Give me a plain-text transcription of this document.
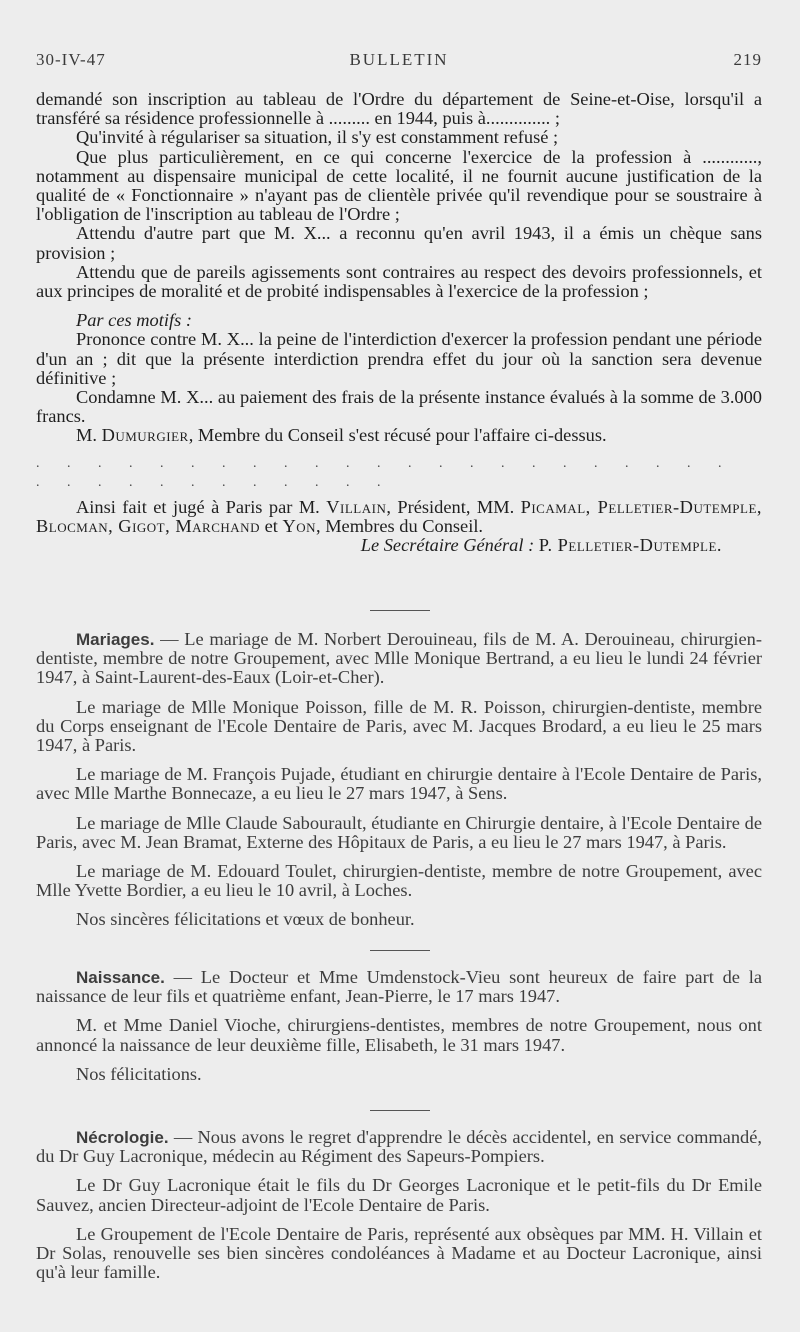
30-IV-47	BULLETIN	219

demandé son inscription au tableau de l'Ordre du département de Seine-et-Oise, lorsqu'il a transféré sa résidence professionnelle à ......... en 1944, puis à.............. ;

Qu'invité à régulariser sa situation, il s'y est constamment refusé ;

Que plus particulièrement, en ce qui concerne l'exercice de la profession à ............, notamment au dispensaire municipal de cette localité, il ne fournit aucune justification de la qualité de « Fonctionnaire » n'ayant pas de clientèle privée qu'il revendique pour se soustraire à l'obligation de l'inscription au tableau de l'Ordre ;

Attendu d'autre part que M. X... a reconnu qu'en avril 1943, il a émis un chèque sans provision ;

Attendu que de pareils agissements sont contraires au respect des devoirs professionnels, et aux principes de moralité et de probité indispensables à l'exercice de la profession ;

Par ces motifs :

Prononce contre M. X... la peine de l'interdiction d'exercer la profession pendant une période d'un an ; dit que la présente interdiction prendra effet du jour où la sanction sera devenue définitive ;

Condamne M. X... au paiement des frais de la présente instance évalués à la somme de 3.000 francs.

M. Dumurgier, Membre du Conseil s'est récusé pour l'affaire ci-dessus.

. . . . . . . . . . . . . . . . . . . . . . . . . . . . . . . . . . .

Ainsi fait et jugé à Paris par M. Villain, Président, MM. Picamal, Pelletier-Dutemple, Blocman, Gigot, Marchand et Yon, Membres du Conseil.

Le Secrétaire Général : P. Pelletier-Dutemple.

Mariages. — Le mariage de M. Norbert Derouineau, fils de M. A. Derouineau, chirurgien-dentiste, membre de notre Groupement, avec Mlle Monique Bertrand, a eu lieu le lundi 24 février 1947, à Saint-Laurent-des-Eaux (Loir-et-Cher).

Le mariage de Mlle Monique Poisson, fille de M. R. Poisson, chirurgien-dentiste, membre du Corps enseignant de l'Ecole Dentaire de Paris, avec M. Jacques Brodard, a eu lieu le 25 mars 1947, à Paris.

Le mariage de M. François Pujade, étudiant en chirurgie dentaire à l'Ecole Dentaire de Paris, avec Mlle Marthe Bonnecaze, a eu lieu le 27 mars 1947, à Sens.

Le mariage de Mlle Claude Sabourault, étudiante en Chirurgie dentaire, à l'Ecole Dentaire de Paris, avec M. Jean Bramat, Externe des Hôpitaux de Paris, a eu lieu le 27 mars 1947, à Paris.

Le mariage de M. Edouard Toulet, chirurgien-dentiste, membre de notre Groupement, avec Mlle Yvette Bordier, a eu lieu le 10 avril, à Loches.

Nos sincères félicitations et vœux de bonheur.

Naissance. — Le Docteur et Mme Umdenstock-Vieu sont heureux de faire part de la naissance de leur fils et quatrième enfant, Jean-Pierre, le 17 mars 1947.

M. et Mme Daniel Vioche, chirurgiens-dentistes, membres de notre Groupement, nous ont annoncé la naissance de leur deuxième fille, Elisabeth, le 31 mars 1947.

Nos félicitations.

Nécrologie. — Nous avons le regret d'apprendre le décès accidentel, en service commandé, du Dr Guy Lacronique, médecin au Régiment des Sapeurs-Pompiers.

Le Dr Guy Lacronique était le fils du Dr Georges Lacronique et le petit-fils du Dr Emile Sauvez, ancien Directeur-adjoint de l'Ecole Dentaire de Paris.

Le Groupement de l'Ecole Dentaire de Paris, représenté aux obsèques par MM. H. Villain et Dr Solas, renouvelle ses bien sincères condoléances à Madame et au Docteur Lacronique, ainsi qu'à leur famille.
